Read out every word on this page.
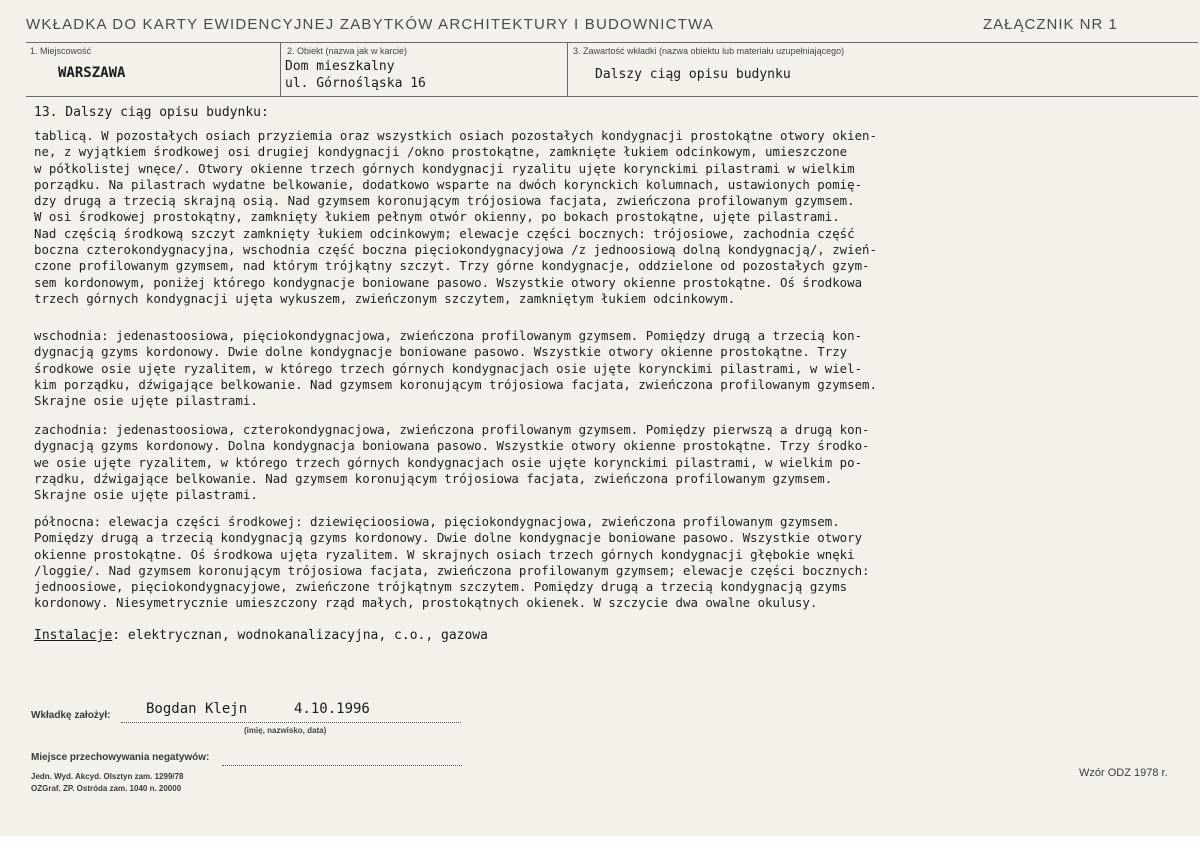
WKŁADKA DO KARTY EWIDENCYJNEJ ZABYTKÓW ARCHITEKTURY I BUDOWNICTWA	ZAŁĄCZNIK NR 1
1. Miejscowość
WARSZAWA
2. Obiekt (nazwa jak w karcie)
Dom mieszkalny
ul. Górnośląska 16
3. Zawartość wkładki (nazwa obiektu lub materiału uzupełniającego)
Dalszy ciąg opisu budynku
13. Dalszy ciąg opisu budynku:
tablicą. W pozostałych osiach przyziemia oraz wszystkich osiach pozostałych kondygnacji prostokątne otwory okien-
ne, z wyjątkiem środkowej osi drugiej kondygnacji /okno prostokątne, zamknięte łukiem odcinkowym, umieszczone
w półkolistej wnęce/. Otwory okienne trzech górnych kondygnacji ryzalitu ujęte korynckimi pilastrami w wielkim
porządku. Na pilastrach wydatne belkowanie, dodatkowo wsparte na dwóch korynckich kolumnach, ustawionych pomię-
dzy drugą a trzecią skrajną osią. Nad gzymsem koronującym trójosiowa facjata, zwieńczona profilowanym gzymsem.
W osi środkowej prostokątny, zamknięty łukiem pełnym otwór okienny, po bokach prostokątne, ujęte pilastrami.
Nad częścią środkową szczyt zamknięty łukiem odcinkowym; elewacje części bocznych: trójosiowe, zachodnia część
boczna czterokondygnacyjna, wschodnia część boczna pięciokondygnacyjowa /z jednoosiową dolną kondygnacją/, zwień-
czone profilowanym gzymsem, nad którym trójkątny szczyt. Trzy górne kondygnacje, oddzielone od pozostałych gzym-
sem kordonowym, poniżej którego kondygnacje boniowane pasowo. Wszystkie otwory okienne prostokątne. Oś środkowa
trzech górnych kondygnacji ujęta wykuszem, zwieńczonym szczytem, zamkniętym łukiem odcinkowym.
wschodnia: jedenastoosiowa, pięciokondygnacjowa, zwieńczona profilowanym gzymsem. Pomiędzy drugą a trzecią kon-
dygnacją gzyms kordonowy. Dwie dolne kondygnacje boniowane pasowo. Wszystkie otwory okienne prostokątne. Trzy
środkowe osie ujęte ryzalitem, w którego trzech górnych kondygnacjach osie ujęte korynckimi pilastrami, w wiel-
kim porządku, dźwigające belkowanie. Nad gzymsem koronującym trójosiowa facjata, zwieńczona profilowanym gzymsem.
Skrajne osie ujęte pilastrami.
zachodnia: jedenastoosiowa, czterokondygnacjowa, zwieńczona profilowanym gzymsem. Pomiędzy pierwszą a drugą kon-
dygnacją gzyms kordonowy. Dolna kondygnacja boniowana pasowo. Wszystkie otwory okienne prostokątne. Trzy środko-
we osie ujęte ryzalitem, w którego trzech górnych kondygnacjach osie ujęte korynckimi pilastrami, w wielkim po-
rządku, dźwigające belkowanie. Nad gzymsem koronującym trójosiowa facjata, zwieńczona profilowanym gzymsem.
Skrajne osie ujęte pilastrami.
północna: elewacja części środkowej: dziewięcioosiowa, pięciokondygnacjowa, zwieńczona profilowanym gzymsem.
Pomiędzy drugą a trzecią kondygnacją gzyms kordonowy. Dwie dolne kondygnacje boniowane pasowo. Wszystkie otwory
okienne prostokątne. Oś środkowa ujęta ryzalitem. W skrajnych osiach trzech górnych kondygnacji głębokie wnęki
/loggie/. Nad gzymsem koronującym trójosiowa facjata, zwieńczona profilowanym gzymsem; elewacje części bocznych:
jednoosiowe, pięciokondygnacyjowe, zwieńczone trójkątnym szczytem. Pomiędzy drugą a trzecią kondygnacją gzyms
kordonowy. Niesymetrycznie umieszczony rząd małych, prostokątnych okienek. W szczycie dwa owalne okulusy.
Instalacje: elektrycznan, wodnokanalizacyjna, c.o., gazowa
Wkładkę założył:	Bogdan Klejn	4.10.1996
(imię, nazwisko, data)
Miejsce przechowywania negatywów:
Jedn. Wyd. Akcyd. Olsztyn zam. 1299/78
OZGraf. ZP. Ostróda zam. 1040 n. 20000
Wzór ODZ 1978 r.
